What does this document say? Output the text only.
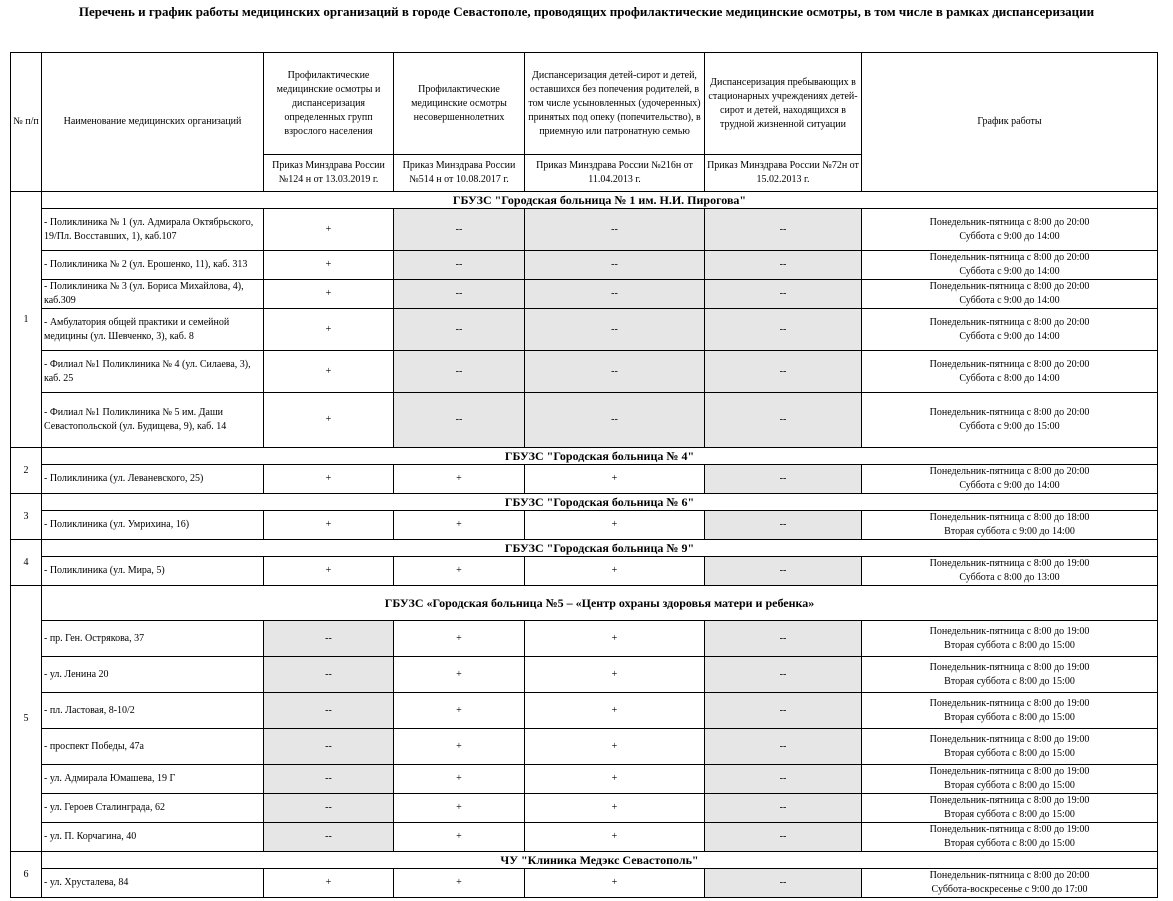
Перечень и график работы медицинских организаций в городе Севастополе, проводящих профилактические медицинские осмотры, в том числе в рамках диспансеризации
№ п/п	Наименование медицинских организаций	Профилактические медицинские осмотры и диспансеризация определенных групп взрослого населения	Профилактические медицинские осмотры несовершеннолетних	Диспансеризация детей-сирот и детей, оставшихся без попечения родителей, в том числе усыновленных (удочеренных) принятых под опеку (попечительство), в приемную или патронатную семью	Диспансеризация пребывающих в стационарных учреждениях детей-сирот и детей, находящихся в трудной жизненной ситуации	График работы
		Приказ Минздрава России №124 н от 13.03.2019 г.	Приказ Минздрава России №514 н от 10.08.2017 г.	Приказ Минздрава России №216н от 11.04.2013 г.	Приказ Минздрава России №72н от 15.02.2013 г.	
1	ГБУЗС "Городская больница № 1 им. Н.И. Пирогова"					
	- Поликлиника № 1 (ул. Адмирала Октябрьского, 19/Пл. Восставших, 1), каб.107	+	--	--	--	Понедельник-пятница с 8:00 до 20:00
Суббота с 9:00 до 14:00

	- Поликлиника № 2 (ул. Ерошенко, 11), каб. 313	+	--	--	--	Понедельник-пятница с 8:00 до 20:00
Суббота с 9:00 до 14:00

	- Поликлиника № 3 (ул. Бориса Михайлова, 4), каб.309	+	--	--	--	Понедельник-пятница с 8:00 до 20:00
Суббота с 9:00 до 14:00

	- Амбулатория общей практики и семейной медицины (ул. Шевченко, 3), каб. 8	+	--	--	--	Понедельник-пятница с 8:00 до 20:00
Суббота с 9:00 до 14:00

	- Филиал №1 Поликлиника № 4 (ул. Силаева, 3), каб. 25	+	--	--	--	Понедельник-пятница с 8:00 до 20:00
Суббота с 8:00 до 14:00

	- Филиал №1 Поликлиника № 5 им. Даши Севастопольской (ул. Будищева, 9), каб. 14	+	--	--	--	Понедельник-пятница с 8:00 до 20:00
Суббота с 9:00 до 15:00

2	ГБУЗС "Городская больница № 4"					
	- Поликлиника (ул. Леваневского, 25)	+	+	+	--	Понедельник-пятница с 8:00 до 20:00
Суббота с 9:00 до 14:00

3	ГБУЗС "Городская больница № 6"					
	- Поликлиника (ул. Умрихина, 16)	+	+	+	--	Понедельник-пятница с 8:00 до 18:00
Вторая суббота с 9:00 до 14:00

4	ГБУЗС "Городская больница № 9"					
	- Поликлиника (ул. Мира, 5)	+	+	+	--	Понедельник-пятница с 8:00 до 19:00
Суббота с 8:00 до 13:00

5	ГБУЗС «Городская больница №5 – «Центр охраны здоровья матери и ребенка»					
	- пр. Ген. Острякова, 37	--	+	+	--	Понедельник-пятница с 8:00 до 19:00
Вторая суббота с 8:00 до 15:00

	- ул. Ленина 20	--	+	+	--	Понедельник-пятница с 8:00 до 19:00
Вторая суббота с 8:00 до 15:00

	- пл. Ластовая, 8-10/2	--	+	+	--	Понедельник-пятница с 8:00 до 19:00
Вторая суббота с 8:00 до 15:00

	- проспект Победы, 47а	--	+	+	--	Понедельник-пятница с 8:00 до 19:00
Вторая суббота с 8:00 до 15:00

	- ул. Адмирала Юмашева, 19 Г	--	+	+	--	Понедельник-пятница с 8:00 до 19:00
Вторая суббота с 8:00 до 15:00

	- ул. Героев Сталинграда, 62	--	+	+	--	Понедельник-пятница с 8:00 до 19:00
Вторая суббота с 8:00 до 15:00

	- ул. П. Корчагина, 40	--	+	+	--	Понедельник-пятница с 8:00 до 19:00
Вторая суббота с 8:00 до 15:00

6	ЧУ "Клиника Медэкс Севастополь"					
	- ул. Хрусталева, 84	+	+	+	--	Понедельник-пятница с 8:00 до 20:00
Суббота-воскресенье с 9:00 до 17:00
